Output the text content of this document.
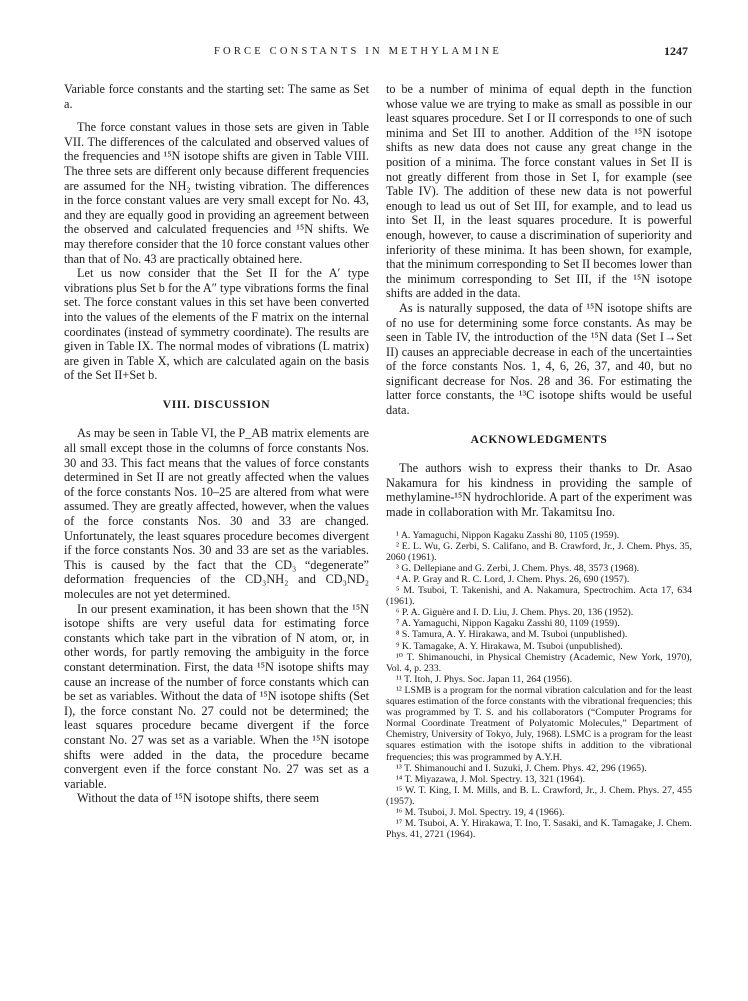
FORCE CONSTANTS IN METHYLAMINE	1247

Variable force constants and the starting set: The same as Set a.

The force constant values in those sets are given in Table VII. The differences of the calculated and observed values of the frequencies and ¹⁵N isotope shifts are given in Table VIII. The three sets are different only because different frequencies are assumed for the NH₂ twisting vibration. The differences in the force constant values are very small except for No. 43, and they are equally good in providing an agreement between the observed and calculated frequencies and ¹⁵N shifts. We may therefore consider that the 10 force constant values other than that of No. 43 are practically obtained here.

Let us now consider that the Set II for the A′ type vibrations plus Set b for the A″ type vibrations forms the final set. The force constant values in this set have been converted into the values of the elements of the F matrix on the internal coordinates (instead of symmetry coordinate). The results are given in Table IX. The normal modes of vibrations (L matrix) are given in Table X, which are calculated again on the basis of the Set II+Set b.

VIII. DISCUSSION

As may be seen in Table VI, the P_AB matrix elements are all small except those in the columns of force constants Nos. 30 and 33. This fact means that the values of force constants determined in Set II are not greatly affected when the values of the force constants Nos. 10–25 are altered from what were assumed. They are greatly affected, however, when the values of the force constants Nos. 30 and 33 are changed. Unfortunately, the least squares procedure becomes divergent if the force constants Nos. 30 and 33 are set as the variables. This is caused by the fact that the CD₃ “degenerate” deformation frequencies of the CD₃NH₂ and CD₃ND₂ molecules are not yet determined.

In our present examination, it has been shown that the ¹⁵N isotope shifts are very useful data for estimating force constants which take part in the vibration of N atom, or, in other words, for partly removing the ambiguity in the force constant determination. First, the data ¹⁵N isotope shifts may cause an increase of the number of force constants which can be set as variables. Without the data of ¹⁵N isotope shifts (Set I), the force constant No. 27 could not be determined; the least squares procedure became divergent if the force constant No. 27 was set as a variable. When the ¹⁵N isotope shifts were added in the data, the procedure became convergent even if the force constant No. 27 was set as a variable.

Without the data of ¹⁵N isotope shifts, there seem

to be a number of minima of equal depth in the function whose value we are trying to make as small as possible in our least squares procedure. Set I or II corresponds to one of such minima and Set III to another. Addition of the ¹⁵N isotope shifts as new data does not cause any great change in the position of a minima. The force constant values in Set II is not greatly different from those in Set I, for example (see Table IV). The addition of these new data is not powerful enough to lead us out of Set III, for example, and to lead us into Set II, in the least squares procedure. It is powerful enough, however, to cause a discrimination of superiority and inferiority of these minima. It has been shown, for example, that the minimum corresponding to Set II becomes lower than the minimum corresponding to Set III, if the ¹⁵N isotope shifts are added in the data.

As is naturally supposed, the data of ¹⁵N isotope shifts are of no use for determining some force constants. As may be seen in Table IV, the introduction of the ¹⁵N data (Set I→Set II) causes an appreciable decrease in each of the uncertainties of the force constants Nos. 1, 4, 6, 26, 37, and 40, but no significant decrease for Nos. 28 and 36. For estimating the latter force constants, the ¹³C isotope shifts would be useful data.

ACKNOWLEDGMENTS

The authors wish to express their thanks to Dr. Asao Nakamura for his kindness in providing the sample of methylamine-¹⁵N hydrochloride. A part of the experiment was made in collaboration with Mr. Takamitsu Ino.

¹ A. Yamaguchi, Nippon Kagaku Zasshi 80, 1105 (1959).

² E. L. Wu, G. Zerbi, S. Califano, and B. Crawford, Jr., J. Chem. Phys. 35, 2060 (1961).

³ G. Dellepiane and G. Zerbi, J. Chem. Phys. 48, 3573 (1968).

⁴ A. P. Gray and R. C. Lord, J. Chem. Phys. 26, 690 (1957).

⁵ M. Tsuboi, T. Takenishi, and A. Nakamura, Spectrochim. Acta 17, 634 (1961).

⁶ P. A. Giguère and I. D. Liu, J. Chem. Phys. 20, 136 (1952).

⁷ A. Yamaguchi, Nippon Kagaku Zasshi 80, 1109 (1959).

⁸ S. Tamura, A. Y. Hirakawa, and M. Tsuboi (unpublished).

⁹ K. Tamagake, A. Y. Hirakawa, M. Tsuboi (unpublished).

¹⁰ T. Shimanouchi, in Physical Chemistry (Academic, New York, 1970), Vol. 4, p. 233.

¹¹ T. Itoh, J. Phys. Soc. Japan 11, 264 (1956).

¹² LSMB is a program for the normal vibration calculation and for the least squares estimation of the force constants with the vibrational frequencies; this was programmed by T. S. and his collaborators (“Computer Programs for Normal Coordinate Treatment of Polyatomic Molecules,” Department of Chemistry, University of Tokyo, July, 1968). LSMC is a program for the least squares estimation with the isotope shifts in addition to the vibrational frequencies; this was programmed by A.Y.H.

¹³ T. Shimanouchi and I. Suzuki, J. Chem. Phys. 42, 296 (1965).

¹⁴ T. Miyazawa, J. Mol. Spectry. 13, 321 (1964).

¹⁵ W. T. King, I. M. Mills, and B. L. Crawford, Jr., J. Chem. Phys. 27, 455 (1957).

¹⁶ M. Tsuboi, J. Mol. Spectry. 19, 4 (1966).

¹⁷ M. Tsuboi, A. Y. Hirakawa, T. Ino, T. Sasaki, and K. Tamagake, J. Chem. Phys. 41, 2721 (1964).
